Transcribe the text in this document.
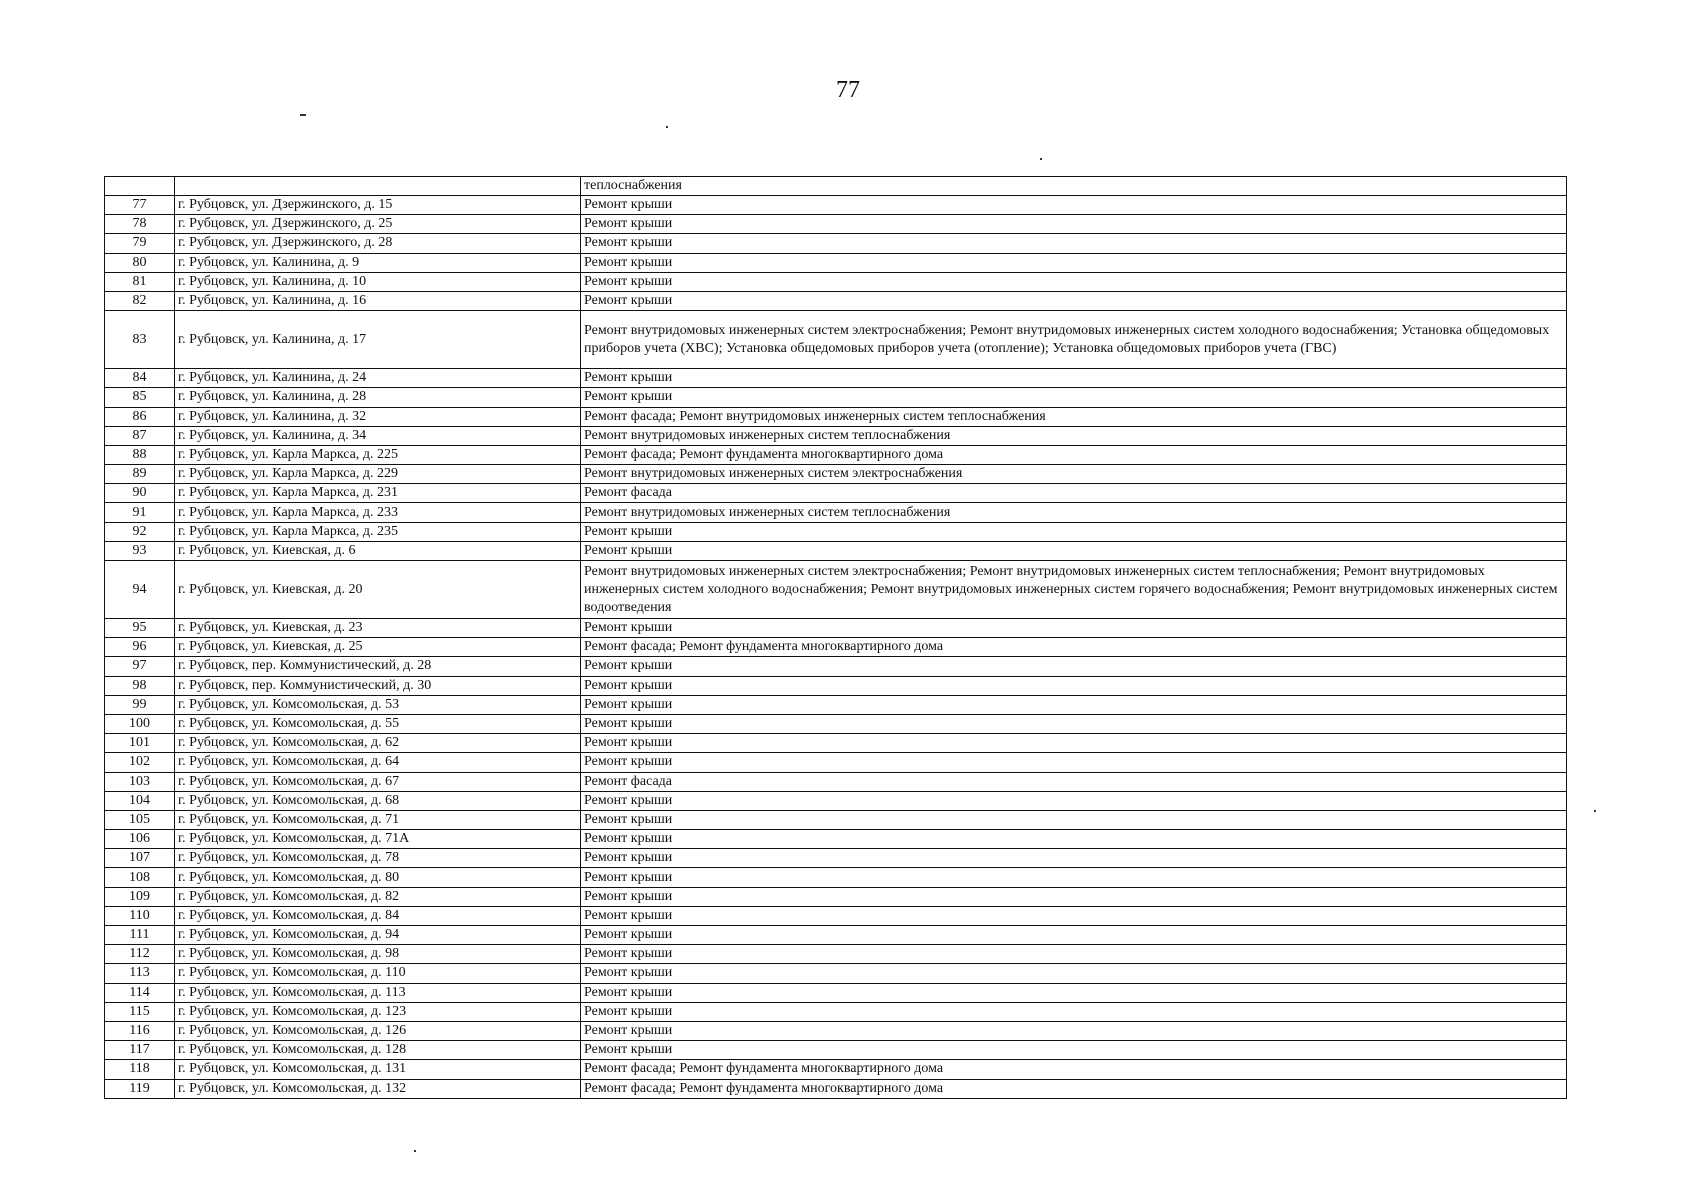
77
		теплоснабжения
77	г. Рубцовск, ул. Дзержинского, д. 15	Ремонт крыши
78	г. Рубцовск, ул. Дзержинского, д. 25	Ремонт крыши
79	г. Рубцовск, ул. Дзержинского, д. 28	Ремонт крыши
80	г. Рубцовск, ул. Калинина, д. 9	Ремонт крыши
81	г. Рубцовск, ул. Калинина, д. 10	Ремонт крыши
82	г. Рубцовск, ул. Калинина, д. 16	Ремонт крыши
83	г. Рубцовск, ул. Калинина, д. 17	Ремонт внутридомовых инженерных систем электроснабжения; Ремонт внутридомовых инженерных систем холодного водоснабжения; Установка общедомовых приборов учета (ХВС); Установка общедомовых приборов учета (отопление); Установка общедомовых приборов учета (ГВС)
84	г. Рубцовск, ул. Калинина, д. 24	Ремонт крыши
85	г. Рубцовск, ул. Калинина, д. 28	Ремонт крыши
86	г. Рубцовск, ул. Калинина, д. 32	Ремонт фасада; Ремонт внутридомовых инженерных систем теплоснабжения
87	г. Рубцовск, ул. Калинина, д. 34	Ремонт внутридомовых инженерных систем теплоснабжения
88	г. Рубцовск, ул. Карла Маркса, д. 225	Ремонт фасада; Ремонт фундамента многоквартирного дома
89	г. Рубцовск, ул. Карла Маркса, д. 229	Ремонт внутридомовых инженерных систем электроснабжения
90	г. Рубцовск, ул. Карла Маркса, д. 231	Ремонт фасада
91	г. Рубцовск, ул. Карла Маркса, д. 233	Ремонт внутридомовых инженерных систем теплоснабжения
92	г. Рубцовск, ул. Карла Маркса, д. 235	Ремонт крыши
93	г. Рубцовск, ул. Киевская, д. 6	Ремонт крыши
94	г. Рубцовск, ул. Киевская, д. 20	Ремонт внутридомовых инженерных систем электроснабжения; Ремонт внутридомовых инженерных систем теплоснабжения; Ремонт внутридомовых инженерных систем холодного водоснабжения; Ремонт внутридомовых инженерных систем горячего водоснабжения; Ремонт внутридомовых инженерных систем водоотведения
95	г. Рубцовск, ул. Киевская, д. 23	Ремонт крыши
96	г. Рубцовск, ул. Киевская, д. 25	Ремонт фасада; Ремонт фундамента многоквартирного дома
97	г. Рубцовск, пер. Коммунистический, д. 28	Ремонт крыши
98	г. Рубцовск, пер. Коммунистический, д. 30	Ремонт крыши
99	г. Рубцовск, ул. Комсомольская, д. 53	Ремонт крыши
100	г. Рубцовск, ул. Комсомольская, д. 55	Ремонт крыши
101	г. Рубцовск, ул. Комсомольская, д. 62	Ремонт крыши
102	г. Рубцовск, ул. Комсомольская, д. 64	Ремонт крыши
103	г. Рубцовск, ул. Комсомольская, д. 67	Ремонт фасада
104	г. Рубцовск, ул. Комсомольская, д. 68	Ремонт крыши
105	г. Рубцовск, ул. Комсомольская, д. 71	Ремонт крыши
106	г. Рубцовск, ул. Комсомольская, д. 71А	Ремонт крыши
107	г. Рубцовск, ул. Комсомольская, д. 78	Ремонт крыши
108	г. Рубцовск, ул. Комсомольская, д. 80	Ремонт крыши
109	г. Рубцовск, ул. Комсомольская, д. 82	Ремонт крыши
110	г. Рубцовск, ул. Комсомольская, д. 84	Ремонт крыши
111	г. Рубцовск, ул. Комсомольская, д. 94	Ремонт крыши
112	г. Рубцовск, ул. Комсомольская, д. 98	Ремонт крыши
113	г. Рубцовск, ул. Комсомольская, д. 110	Ремонт крыши
114	г. Рубцовск, ул. Комсомольская, д. 113	Ремонт крыши
115	г. Рубцовск, ул. Комсомольская, д. 123	Ремонт крыши
116	г. Рубцовск, ул. Комсомольская, д. 126	Ремонт крыши
117	г. Рубцовск, ул. Комсомольская, д. 128	Ремонт крыши
118	г. Рубцовск, ул. Комсомольская, д. 131	Ремонт фасада; Ремонт фундамента многоквартирного дома
119	г. Рубцовск, ул. Комсомольская, д. 132	Ремонт фасада; Ремонт фундамента многоквартирного дома
